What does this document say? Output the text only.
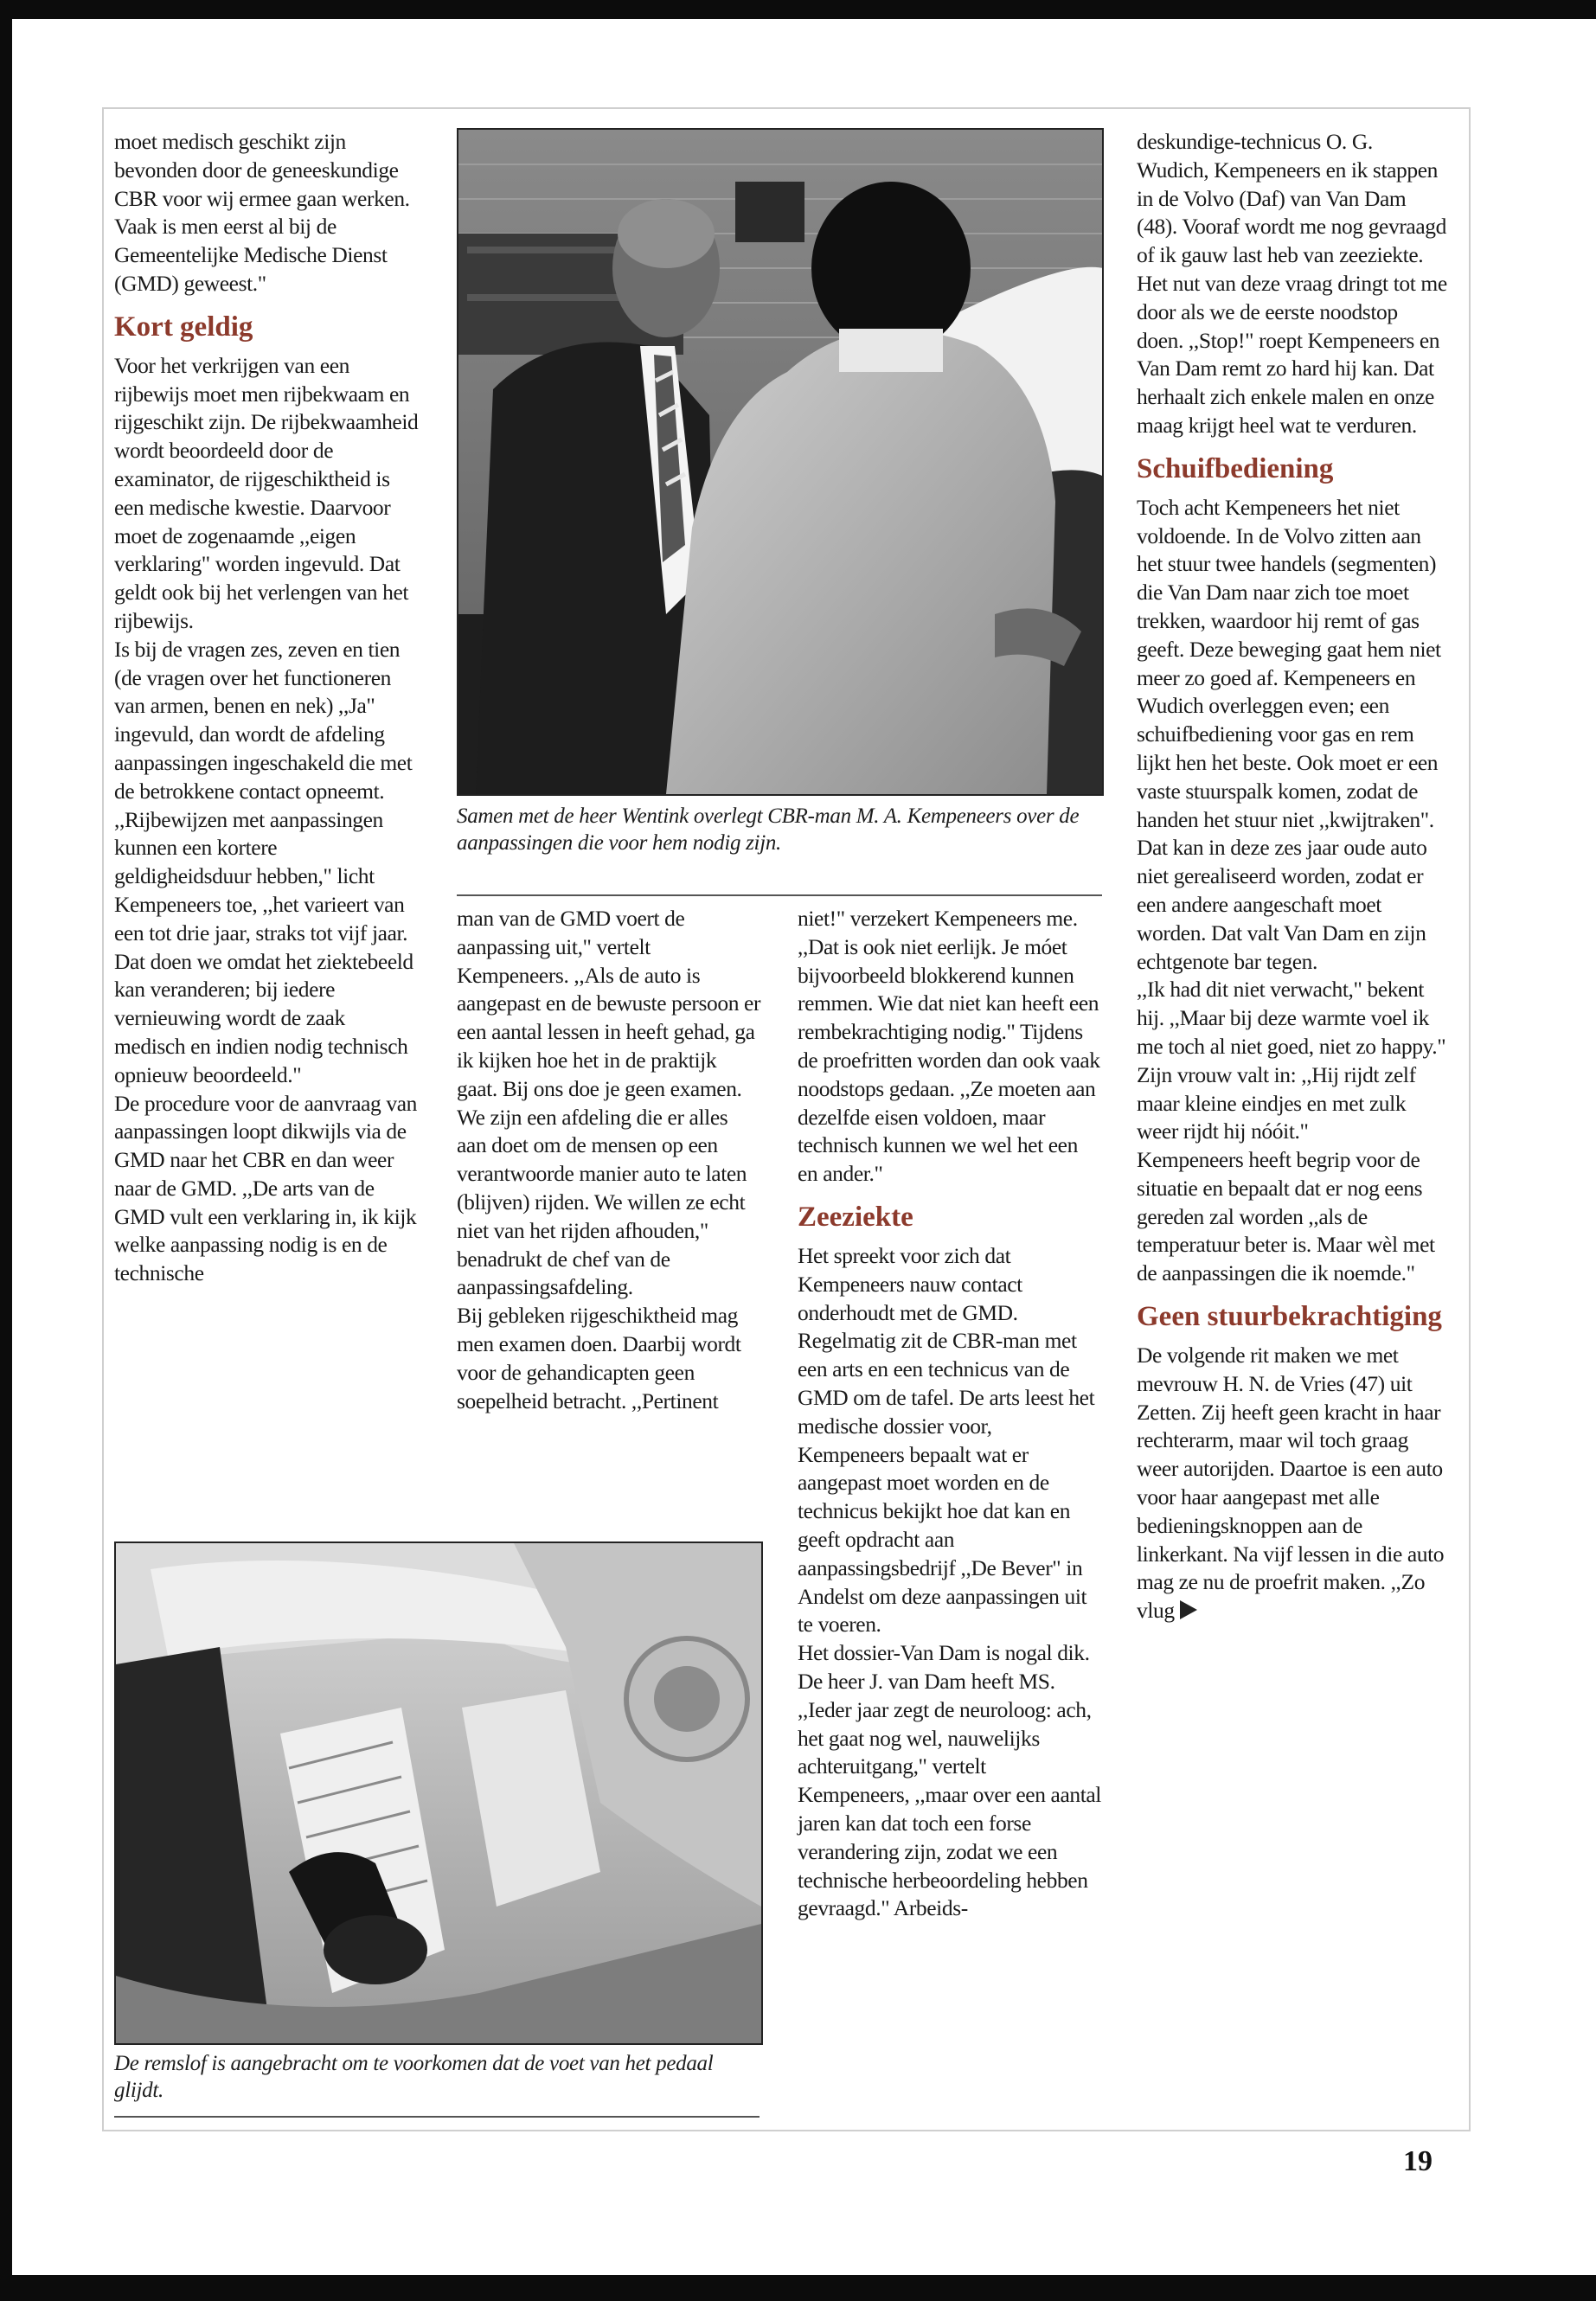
moet medisch geschikt zijn bevonden door de geneeskundige CBR voor wij ermee gaan werken. Vaak is men eerst al bij de Gemeentelijke Medische Dienst (GMD) geweest."

Kort geldig

Voor het verkrijgen van een rijbewijs moet men rijbekwaam en rijgeschikt zijn. De rijbekwaamheid wordt beoordeeld door de examinator, de rijgeschiktheid is een medische kwestie. Daarvoor moet de zogenaamde ,,eigen verklaring" worden ingevuld. Dat geldt ook bij het verlengen van het rijbewijs.

Is bij de vragen zes, zeven en tien (de vragen over het functioneren van armen, benen en nek) ,,Ja" ingevuld, dan wordt de afdeling aanpassingen ingeschakeld die met de betrokkene contact opneemt. ,,Rijbewijzen met aanpassingen kunnen een kortere geldigheidsduur hebben," licht Kempeneers toe, ,,het varieert van een tot drie jaar, straks tot vijf jaar. Dat doen we omdat het ziektebeeld kan veranderen; bij iedere vernieuwing wordt de zaak medisch en indien nodig technisch opnieuw beoordeeld."

De procedure voor de aanvraag van aanpassingen loopt dikwijls via de GMD naar het CBR en dan weer naar de GMD. ,,De arts van de GMD vult een verklaring in, ik kijk welke aanpassing nodig is en de technische

Samen met de heer Wentink overlegt CBR-man M. A. Kempeneers over de aanpassingen die voor hem nodig zijn.

man van de GMD voert de aanpassing uit," vertelt Kempeneers. ,,Als de auto is aangepast en de bewuste persoon er een aantal lessen in heeft gehad, ga ik kijken hoe het in de praktijk gaat. Bij ons doe je geen examen. We zijn een afdeling die er alles aan doet om de mensen op een verantwoorde manier auto te laten (blijven) rijden. We willen ze echt niet van het rijden afhouden," benadrukt de chef van de aanpassingsafdeling.

Bij gebleken rijgeschiktheid mag men examen doen. Daarbij wordt voor de gehandicapten geen soepelheid betracht. ,,Pertinent

niet!" verzekert Kempeneers me. ,,Dat is ook niet eerlijk. Je móet bijvoorbeeld blokkerend kunnen remmen. Wie dat niet kan heeft een rembekrachtiging nodig." Tijdens de proefritten worden dan ook vaak noodstops gedaan. ,,Ze moeten aan dezelfde eisen voldoen, maar technisch kunnen we wel het een en ander."

Zeeziekte

Het spreekt voor zich dat Kempeneers nauw contact onderhoudt met de GMD. Regelmatig zit de CBR-man met een arts en een technicus van de GMD om de tafel. De arts leest het medische dossier voor, Kempeneers bepaalt wat er aangepast moet worden en de technicus bekijkt hoe dat kan en geeft opdracht aan aanpassingsbedrijf ,,De Bever" in Andelst om deze aanpassingen uit te voeren.

Het dossier-Van Dam is nogal dik. De heer J. van Dam heeft MS. ,,Ieder jaar zegt de neuroloog: ach, het gaat nog wel, nauwelijks achteruitgang," vertelt Kempeneers, ,,maar over een aantal jaren kan dat toch een forse verandering zijn, zodat we een technische herbeoordeling hebben gevraagd." Arbeids-

De remslof is aangebracht om te voorkomen dat de voet van het pedaal glijdt.

deskundige-technicus O. G. Wudich, Kempeneers en ik stappen in de Volvo (Daf) van Van Dam (48). Vooraf wordt me nog gevraagd of ik gauw last heb van zeeziekte. Het nut van deze vraag dringt tot me door als we de eerste noodstop doen. ,,Stop!" roept Kempeneers en Van Dam remt zo hard hij kan. Dat herhaalt zich enkele malen en onze maag krijgt heel wat te verduren.

Schuifbediening

Toch acht Kempeneers het niet voldoende. In de Volvo zitten aan het stuur twee handels (segmenten) die Van Dam naar zich toe moet trekken, waardoor hij remt of gas geeft. Deze beweging gaat hem niet meer zo goed af. Kempeneers en Wudich overleggen even; een schuifbediening voor gas en rem lijkt hen het beste. Ook moet er een vaste stuurspalk komen, zodat de handen het stuur niet ,,kwijtraken". Dat kan in deze zes jaar oude auto niet gerealiseerd worden, zodat er een andere aangeschaft moet worden. Dat valt Van Dam en zijn echtgenote bar tegen.

,,Ik had dit niet verwacht," bekent hij. ,,Maar bij deze warmte voel ik me toch al niet goed, niet zo happy." Zijn vrouw valt in: ,,Hij rijdt zelf maar kleine eindjes en met zulk weer rijdt hij nóóit."

Kempeneers heeft begrip voor de situatie en bepaalt dat er nog eens gereden zal worden ,,als de temperatuur beter is. Maar wèl met de aanpassingen die ik noemde."

Geen stuurbekrachtiging

De volgende rit maken we met mevrouw H. N. de Vries (47) uit Zetten. Zij heeft geen kracht in haar rechterarm, maar wil toch graag weer autorijden. Daartoe is een auto voor haar aangepast met alle bedieningsknoppen aan de linkerkant. Na vijf lessen in die auto mag ze nu de proefrit maken. ,,Zo vlug

19
